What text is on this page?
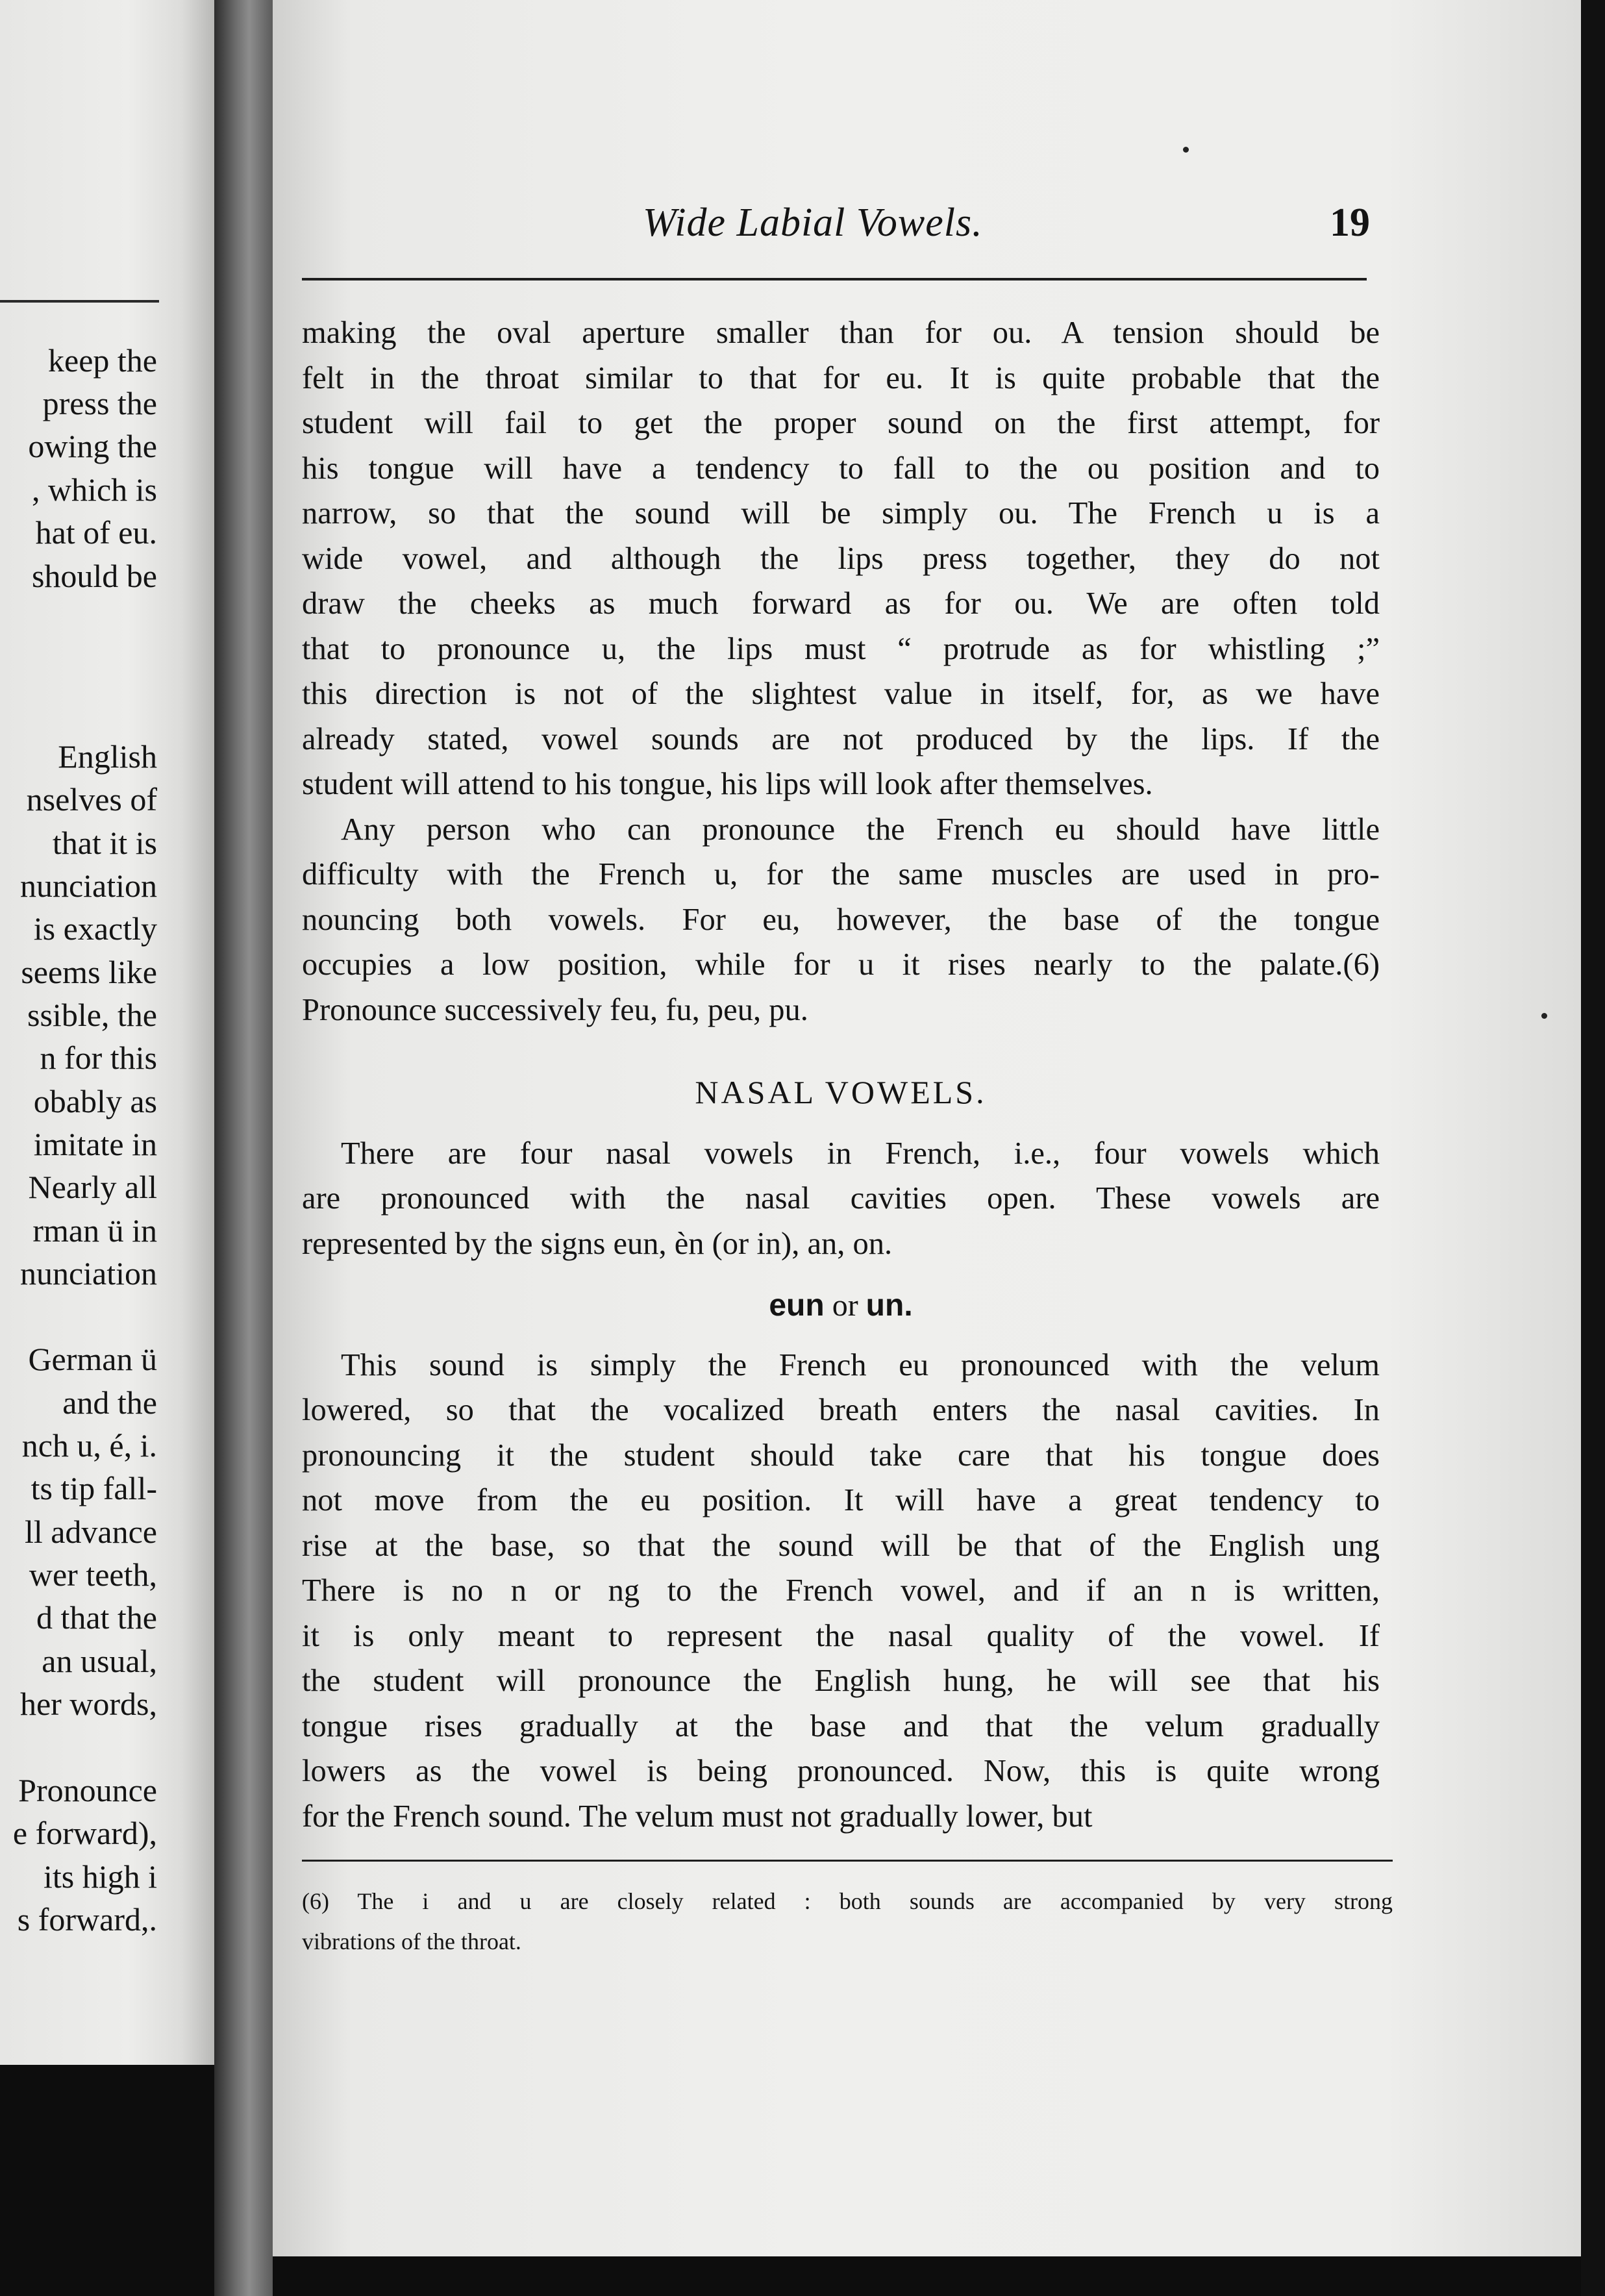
keep the
press the
owing the
, which is
hat of eu.
should be
English
nselves of
that it is
nunciation
is exactly
seems like
ssible, the
n for this
obably as
imitate in
Nearly all
rman ü in
nunciation
German ü
and the
nch u, é, i.
ts tip fall-
ll advance
wer teeth,
d that the
an usual,
her words,
Pronounce
e forward),
its high i
s forward,.
Wide Labial Vowels.	19
making the oval aperture smaller than for ou. A tension should be
felt in the throat similar to that for eu. It is quite probable that the
student will fail to get the proper sound on the first attempt, for
his tongue will have a tendency to fall to the ou position and to
narrow, so that the sound will be simply ou. The French u is a
wide vowel, and although the lips press together, they do not
draw the cheeks as much forward as for ou. We are often told
that to pronounce u, the lips must “ protrude as for whistling ;”
this direction is not of the slightest value in itself, for, as we have
already stated, vowel sounds are not produced by the lips. If the
student will attend to his tongue, his lips will look after themselves.
Any person who can pronounce the French eu should have little
difficulty with the French u, for the same muscles are used in pro-
nouncing both vowels. For eu, however, the base of the tongue
occupies a low position, while for u it rises nearly to the palate.(6)
Pronounce successively feu, fu, peu, pu.
NASAL VOWELS.
There are four nasal vowels in French, i.e., four vowels which
are pronounced with the nasal cavities open. These vowels are
represented by the signs eun, èn (or in), an, on.
eun or un.
This sound is simply the French eu pronounced with the velum
lowered, so that the vocalized breath enters the nasal cavities. In
pronouncing it the student should take care that his tongue does
not move from the eu position. It will have a great tendency to
rise at the base, so that the sound will be that of the English ung
There is no n or ng to the French vowel, and if an n is written,
it is only meant to represent the nasal quality of the vowel. If
the student will pronounce the English hung, he will see that his
tongue rises gradually at the base and that the velum gradually
lowers as the vowel is being pronounced. Now, this is quite wrong
for the French sound. The velum must not gradually lower, but
(6) The i and u are closely related : both sounds are accompanied by very strong
vibrations of the throat.
